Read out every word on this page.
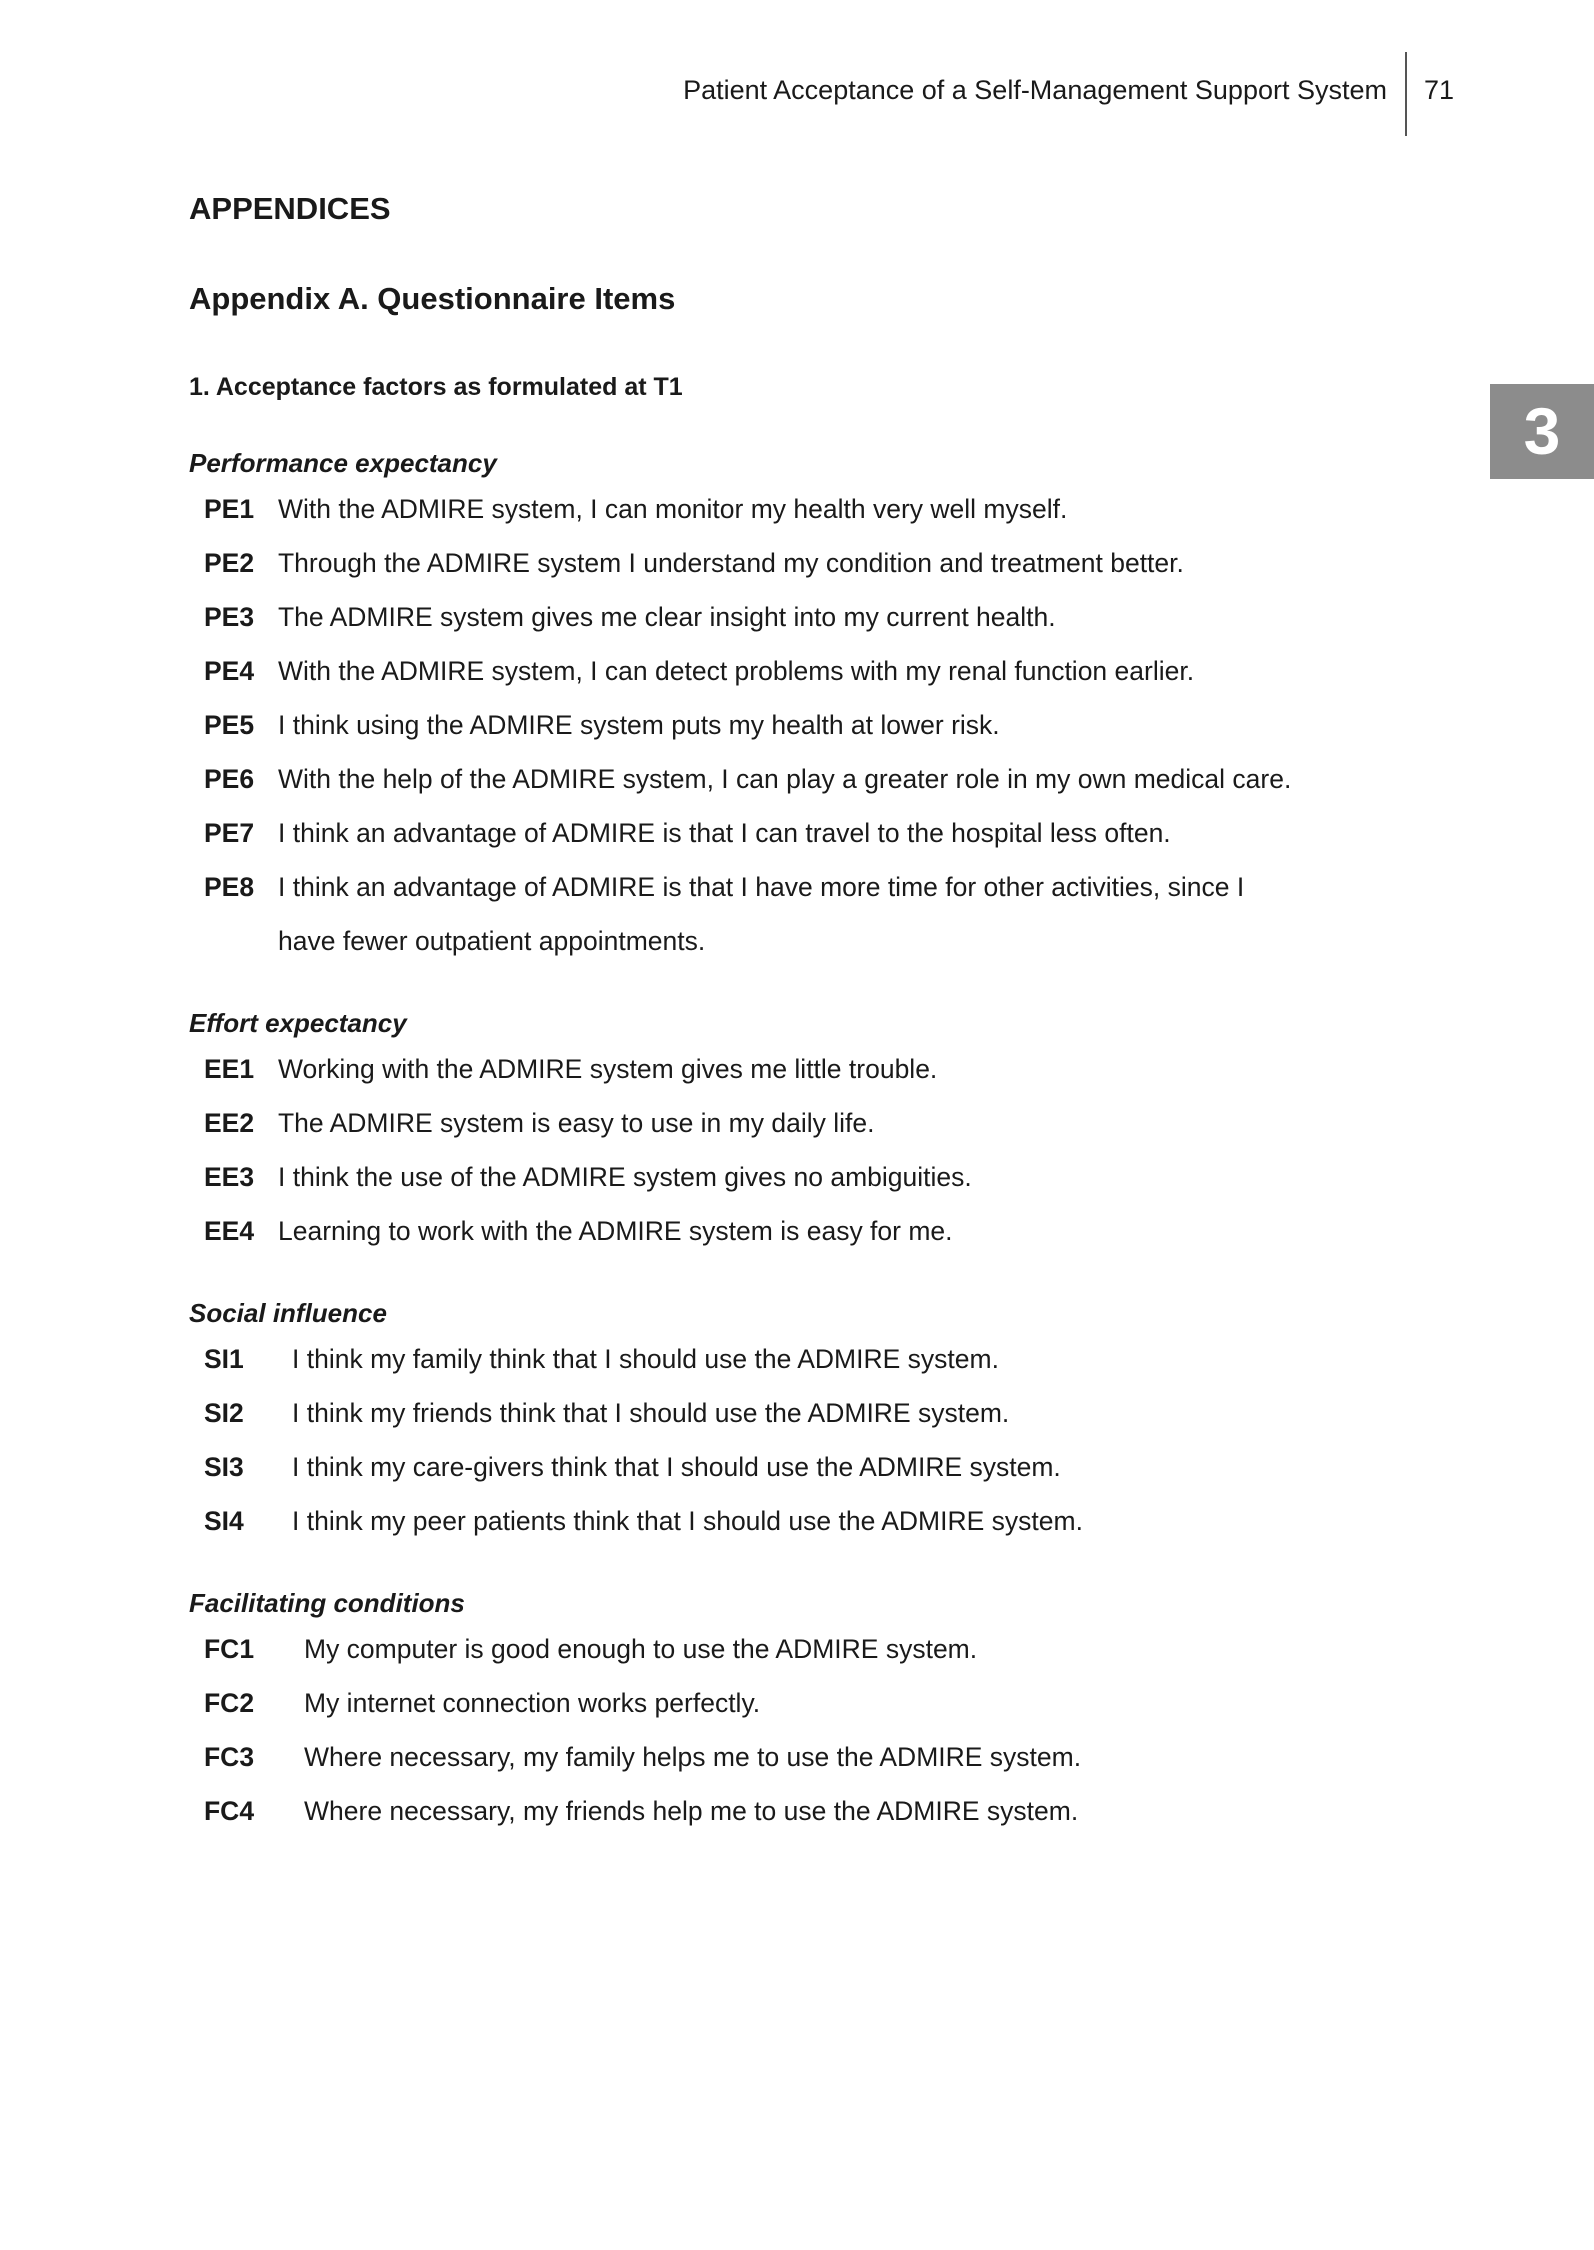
Patient Acceptance of a Self-Management Support System 71
3
APPENDICES
Appendix A. Questionnaire Items
1. Acceptance factors as formulated at T1
Performance expectancy
PE1 With the ADMIRE system, I can monitor my health very well myself.
PE2 Through the ADMIRE system I understand my condition and treatment better.
PE3 The ADMIRE system gives me clear insight into my current health.
PE4 With the ADMIRE system, I can detect problems with my renal function earlier.
PE5 I think using the ADMIRE system puts my health at lower risk.
PE6 With the help of the ADMIRE system, I can play a greater role in my own medical care.
PE7 I think an advantage of ADMIRE is that I can travel to the hospital less often.
PE8 I think an advantage of ADMIRE is that I have more time for other activities, since I have fewer outpatient appointments.
Effort expectancy
EE1 Working with the ADMIRE system gives me little trouble.
EE2 The ADMIRE system is easy to use in my daily life.
EE3 I think the use of the ADMIRE system gives no ambiguities.
EE4 Learning to work with the ADMIRE system is easy for me.
Social influence
SI1	I think my family think that I should use the ADMIRE system.
SI2	I think my friends think that I should use the ADMIRE system.
SI3	I think my care-givers think that I should use the ADMIRE system.
SI4	I think my peer patients think that I should use the ADMIRE system.
Facilitating conditions
FC1	My computer is good enough to use the ADMIRE system.
FC2	My internet connection works perfectly.
FC3	Where necessary, my family helps me to use the ADMIRE system.
FC4	Where necessary, my friends help me to use the ADMIRE system.
